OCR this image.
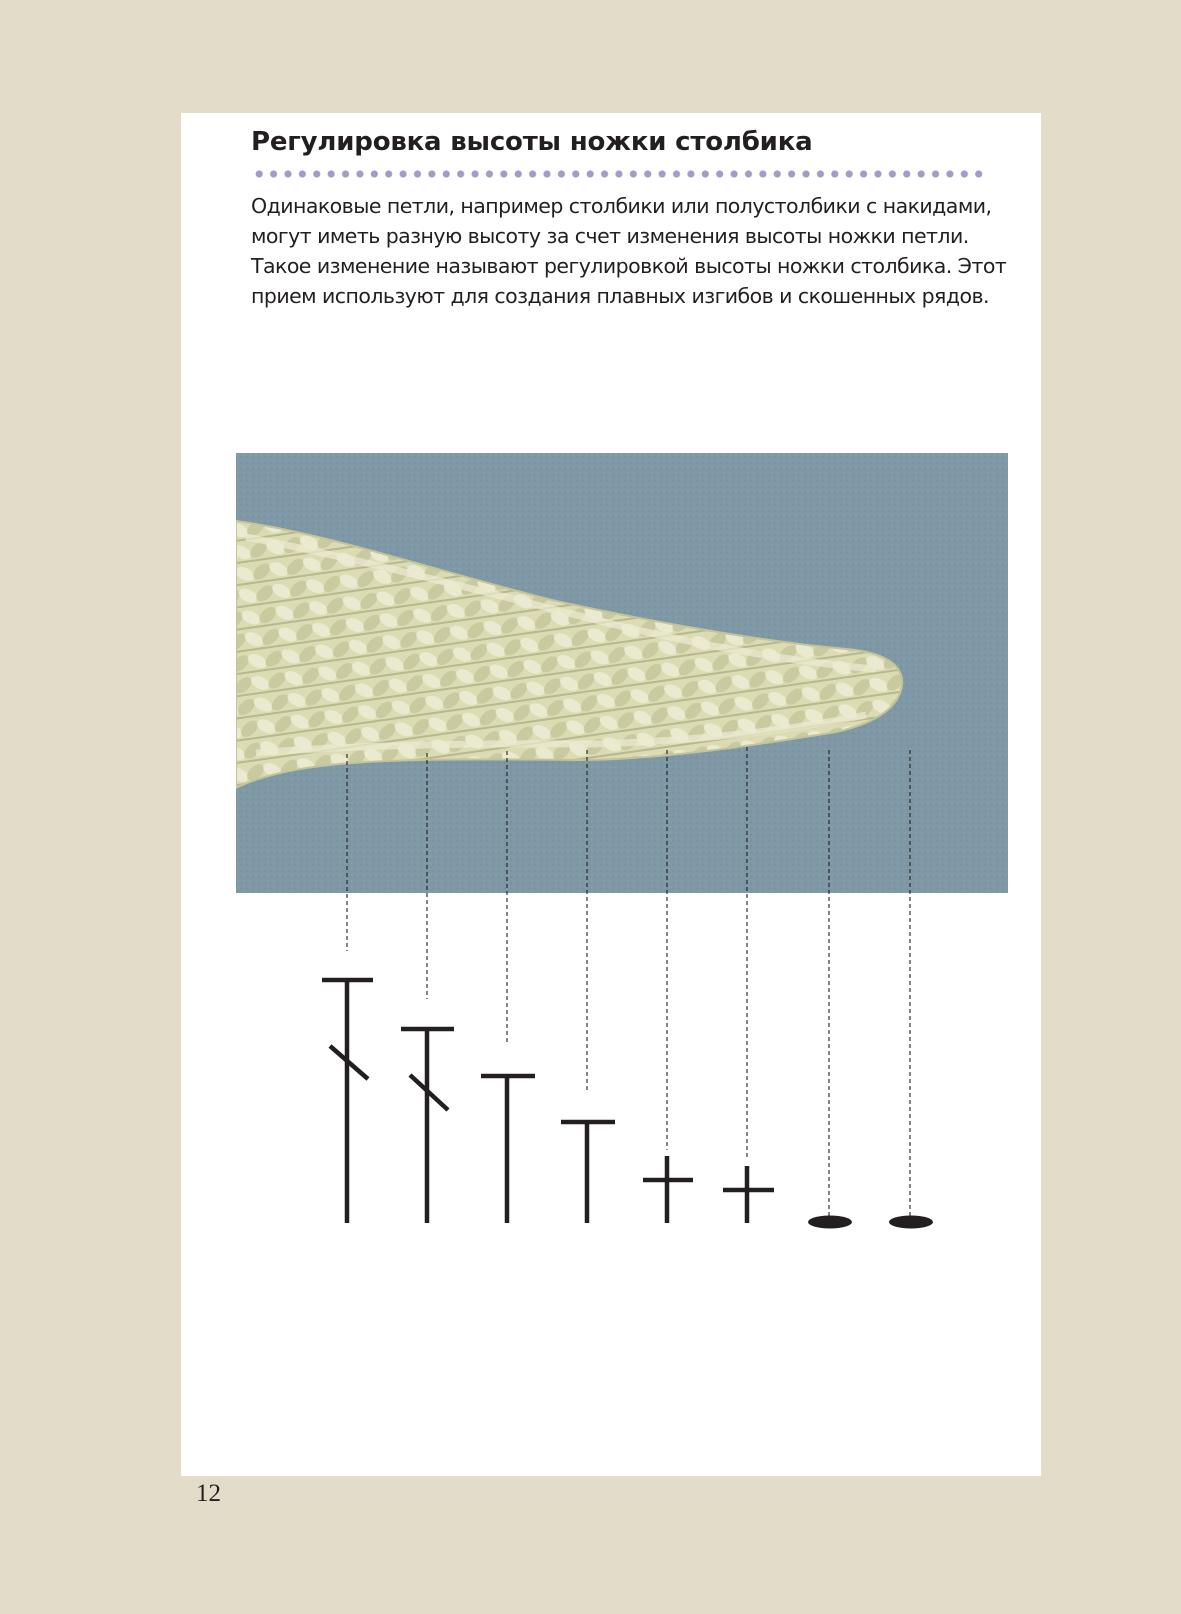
Регулировка высоты ножки столбика

Одинаковые петли, например столбики или полустолбики с накидами,
могут иметь разную высоту за счет изменения высоты ножки петли.
Такое изменение называют регулировкой высоты ножки столбика. Этот
прием используют для создания плавных изгибов и скошенных рядов.

12
